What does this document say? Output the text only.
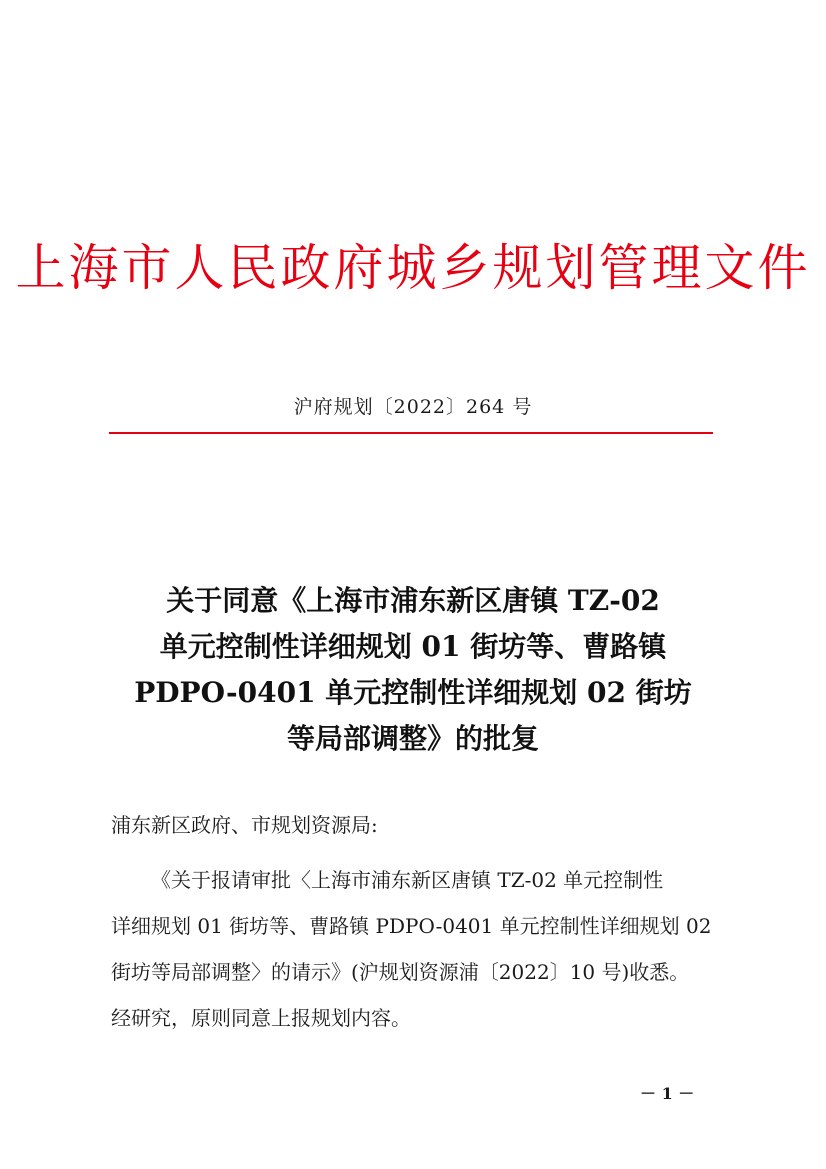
上海市人民政府城乡规划管理文件
沪府规划〔2022〕264 号
关于同意《上海市浦东新区唐镇 TZ-02
单元控制性详细规划 01 街坊等、曹路镇
PDPO-0401 单元控制性详细规划 02 街坊
等局部调整》的批复
浦东新区政府、市规划资源局:
《关于报请审批〈上海市浦东新区唐镇 TZ-02 单元控制性
详细规划 01 街坊等、曹路镇 PDPO-0401 单元控制性详细规划 02
街坊等局部调整〉的请示》(沪规划资源浦〔2022〕10 号)收悉。
经研究，原则同意上报规划内容。
－ 1 －
